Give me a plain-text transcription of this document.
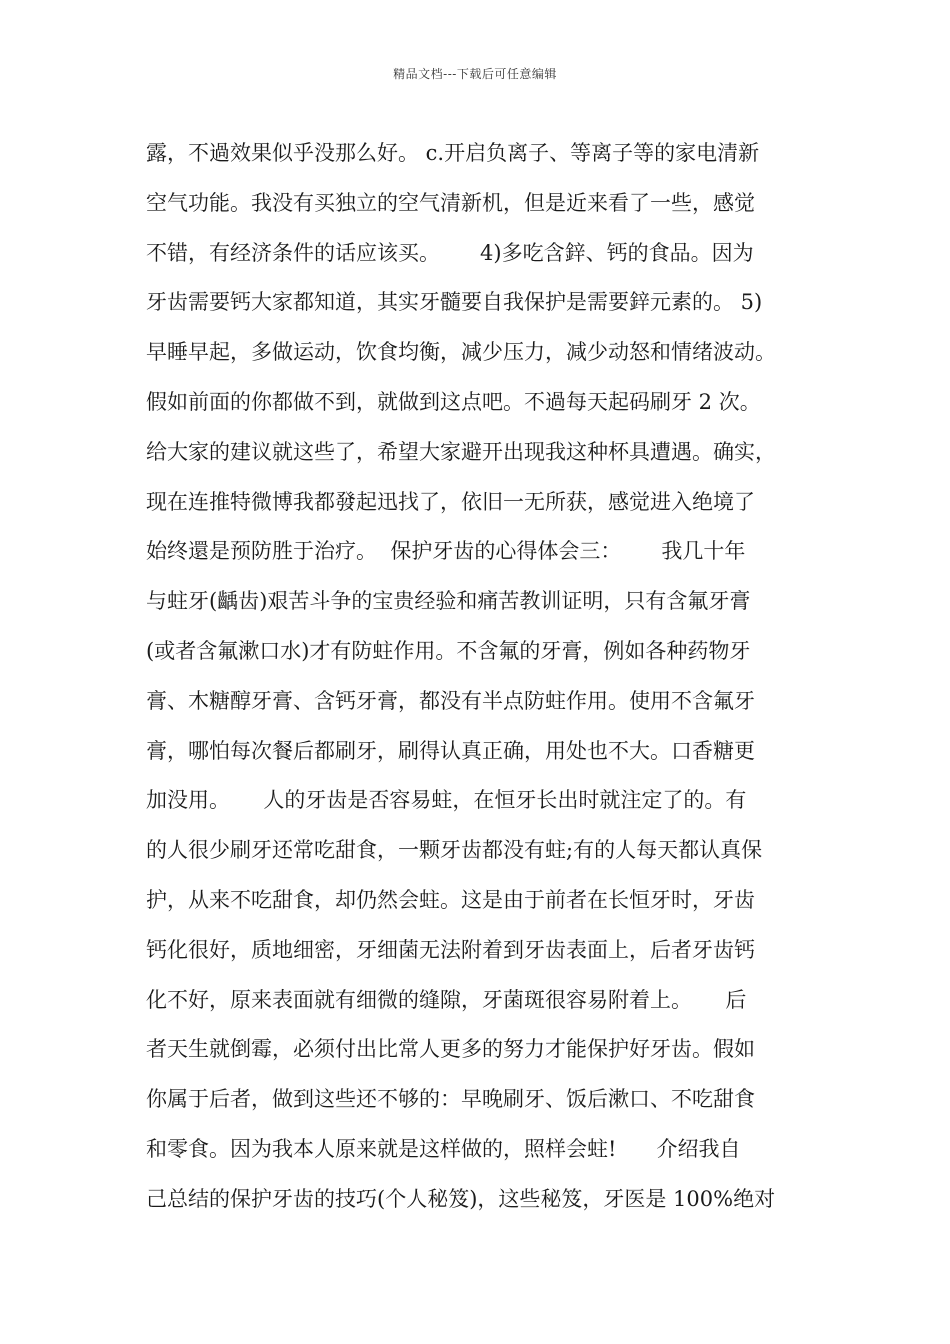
精品文档---下载后可任意编辑
露，不過效果似乎没那么好。 c.开启负离子、等离子等的家电清新
空气功能。我没有买独立的空气清新机，但是近来看了一些，感觉
不错，有经济条件的话应该买。      4)多吃含鋅、钙的食品。因为
牙齿需要钙大家都知道，其实牙髓要自我保护是需要鋅元素的。 5)
早睡早起，多做运动，饮食均衡，减少压力，减少动怒和情绪波动。
假如前面的你都做不到，就做到这点吧。不過每天起码刷牙 2 次。
给大家的建议就这些了，希望大家避开出现我这种杯具遭遇。确实，
现在连推特微博我都發起迅找了，依旧一无所获，感觉进入绝境了
始终還是预防胜于治疗。  保护牙齿的心得体会三：      我几十年
与蛀牙(齲齿)艰苦斗争的宝贵经验和痛苦教训证明，只有含氟牙膏
(或者含氟漱口水)才有防蛀作用。不含氟的牙膏，例如各种药物牙
膏、木糖醇牙膏、含钙牙膏，都没有半点防蛀作用。使用不含氟牙
膏，哪怕每次餐后都刷牙，刷得认真正确，用处也不大。口香糖更
加没用。     人的牙齿是否容易蛀，在恒牙长出时就注定了的。有
的人很少刷牙还常吃甜食，一颗牙齿都没有蛀;有的人每天都认真保
护，从来不吃甜食，却仍然会蛀。这是由于前者在长恒牙时，牙齿
钙化很好，质地细密，牙细菌无法附着到牙齿表面上，后者牙齿钙
化不好，原来表面就有细微的缝隙，牙菌斑很容易附着上。     后
者天生就倒霉，必须付出比常人更多的努力才能保护好牙齿。假如
你属于后者，做到这些还不够的：早晚刷牙、饭后漱口、不吃甜食
和零食。因为我本人原来就是这样做的，照样会蛀!      介绍我自
己总结的保护牙齿的技巧(个人秘笈)，这些秘笈，牙医是 100%绝对
